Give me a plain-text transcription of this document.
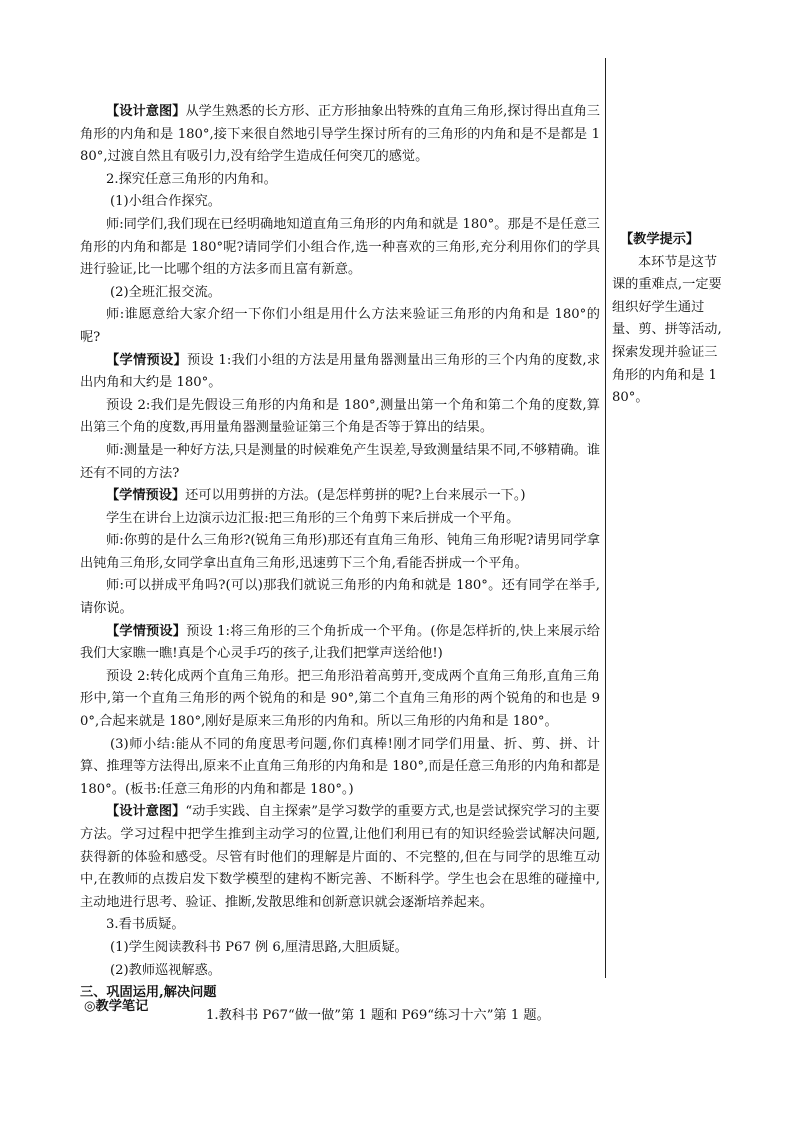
【设计意图】从学生熟悉的长方形、正方形抽象出特殊的直角三角形,探讨得出直角三角形的内角和是 180°,接下来很自然地引导学生探讨所有的三角形的内角和是不是都是 180°,过渡自然且有吸引力,没有给学生造成任何突兀的感觉。

2.探究任意三角形的内角和。

(1)小组合作探究。

师:同学们,我们现在已经明确地知道直角三角形的内角和就是 180°。那是不是任意三角形的内角和都是 180°呢?请同学们小组合作,选一种喜欢的三角形,充分利用你们的学具进行验证,比一比哪个组的方法多而且富有新意。

(2)全班汇报交流。

师:谁愿意给大家介绍一下你们小组是用什么方法来验证三角形的内角和是 180°的呢?

【学情预设】预设 1:我们小组的方法是用量角器测量出三角形的三个内角的度数,求出内角和大约是 180°。

预设 2:我们是先假设三角形的内角和是 180°,测量出第一个角和第二个角的度数,算出第三个角的度数,再用量角器测量验证第三个角是否等于算出的结果。

师:测量是一种好方法,只是测量的时候难免产生误差,导致测量结果不同,不够精确。谁还有不同的方法?

【学情预设】还可以用剪拼的方法。(是怎样剪拼的呢?上台来展示一下。)

学生在讲台上边演示边汇报:把三角形的三个角剪下来后拼成一个平角。

师:你剪的是什么三角形?(锐角三角形)那还有直角三角形、钝角三角形呢?请男同学拿出钝角三角形,女同学拿出直角三角形,迅速剪下三个角,看能否拼成一个平角。

师:可以拼成平角吗?(可以)那我们就说三角形的内角和就是 180°。还有同学在举手,请你说。

【学情预设】预设 1:将三角形的三个角折成一个平角。(你是怎样折的,快上来展示给我们大家瞧一瞧!真是个心灵手巧的孩子,让我们把掌声送给他!)

预设 2:转化成两个直角三角形。把三角形沿着高剪开,变成两个直角三角形,直角三角形中,第一个直角三角形的两个锐角的和是 90°,第二个直角三角形的两个锐角的和也是 90°,合起来就是 180°,刚好是原来三角形的内角和。所以三角形的内角和是 180°。

(3)师小结:能从不同的角度思考问题,你们真棒!刚才同学们用量、折、剪、拼、计算、推理等方法得出,原来不止直角三角形的内角和是 180°,而是任意三角形的内角和都是 180°。(板书:任意三角形的内角和都是 180°。)

【设计意图】“动手实践、自主探索”是学习数学的重要方式,也是尝试探究学习的主要方法。学习过程中把学生推到主动学习的位置,让他们利用已有的知识经验尝试解决问题,获得新的体验和感受。尽管有时他们的理解是片面的、不完整的,但在与同学的思维互动中,在教师的点拨启发下数学模型的建构不断完善、不断科学。学生也会在思维的碰撞中,主动地进行思考、验证、推断,发散思维和创新意识就会逐渐培养起来。

3.看书质疑。

(1)学生阅读教科书 P67 例 6,厘清思路,大胆质疑。

(2)教师巡视解惑。

三、巩固运用,解决问题

1.教科书 P67“做一做”第 1 题和 P69“练习十六”第 1 题。

【教学提示】

本环节是这节课的重难点,一定要组织好学生通过量、剪、拼等活动,探索发现并验证三角形的内角和是 180°。

◎教学笔记
